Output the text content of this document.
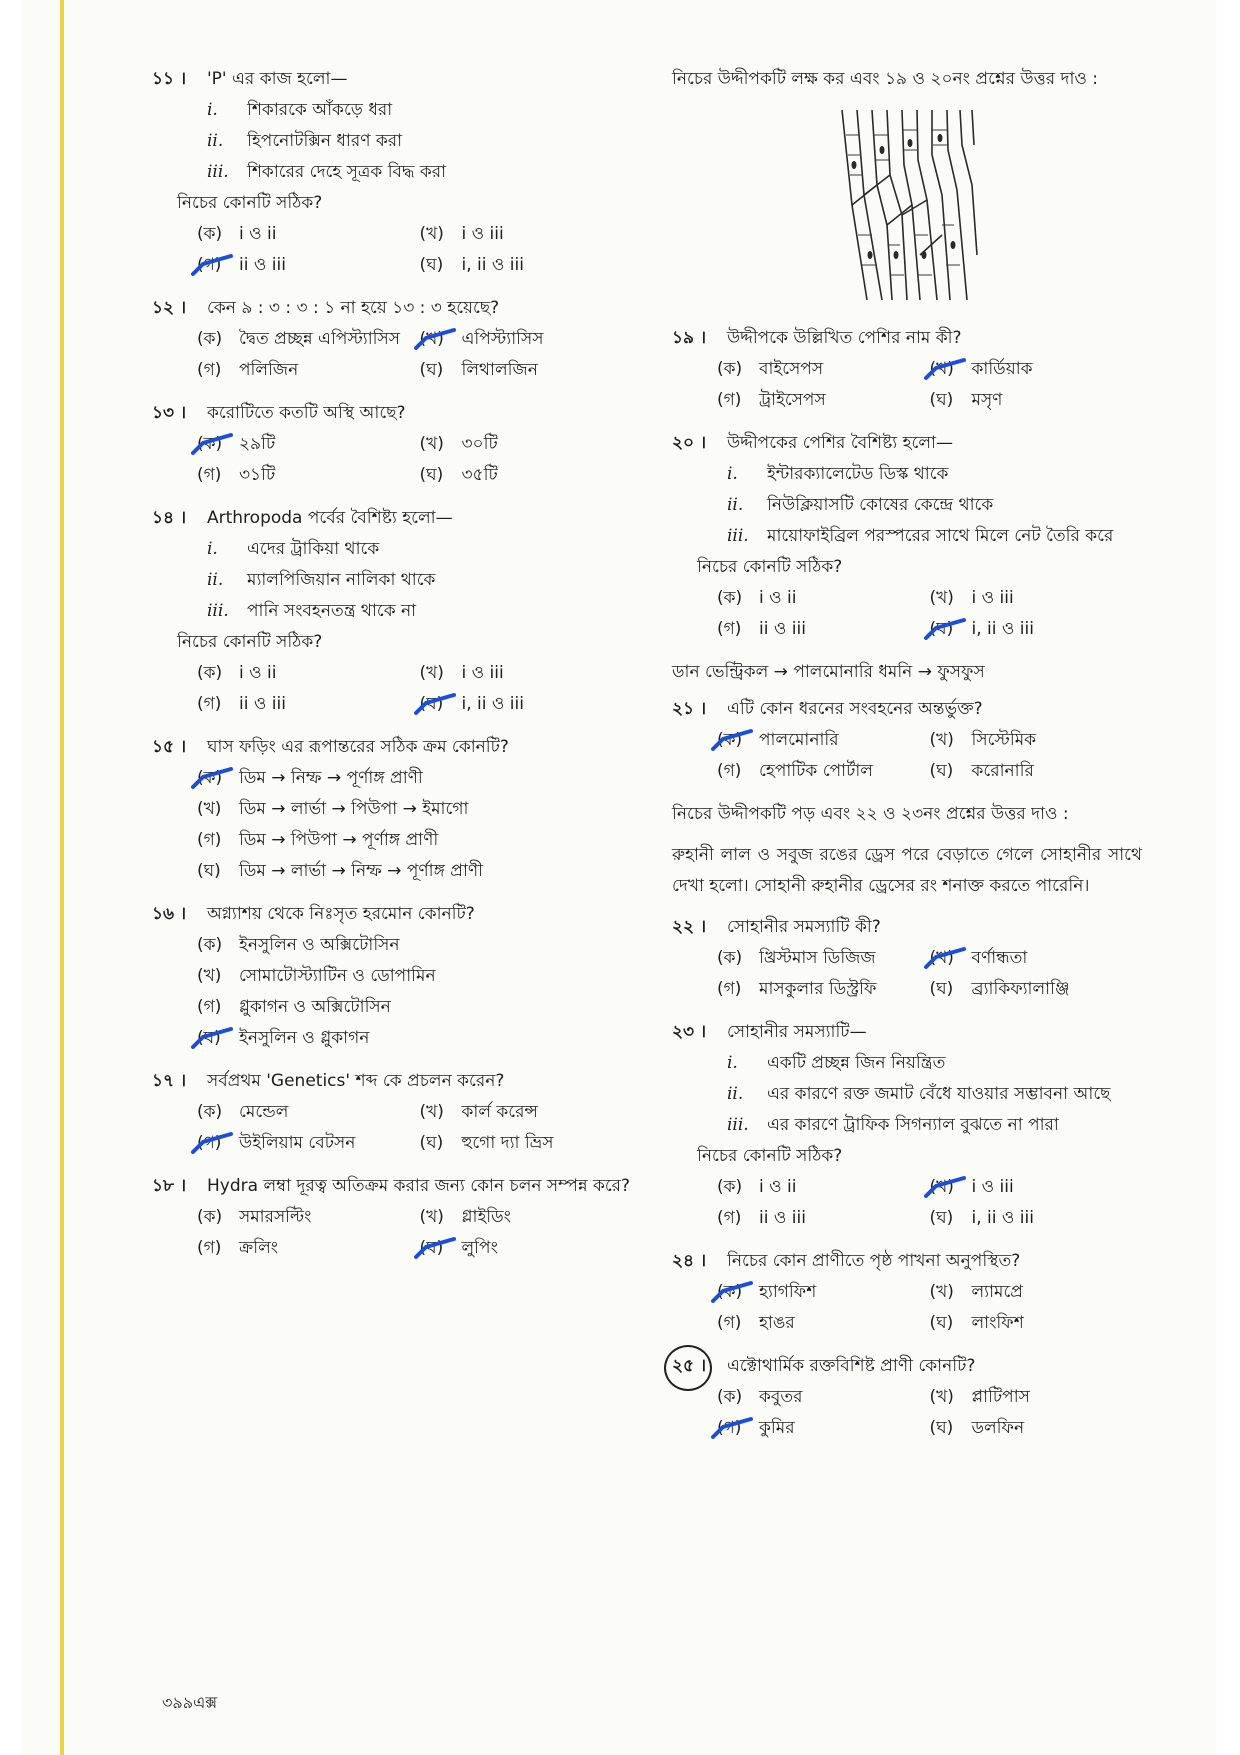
১১ ।	'P' এর কাজ হলো—
i.	শিকারকে আঁকড়ে ধরা
ii.	হিপনোটক্সিন ধারণ করা
iii.	শিকারের দেহে সূত্রক বিদ্ধ করা
নিচের কোনটি সঠিক?
(ক) i ও ii	(খ) i ও iii
(গ) ii ও iii	(ঘ) i, ii ও iii
১২ ।	কেন ৯ : ৩ : ৩ : ১ না হয়ে ১৩ : ৩ হয়েছে?
(ক) দ্বৈত প্রচ্ছন্ন এপিস্ট্যাসিস	(খ) এপিস্ট্যাসিস
(গ) পলিজিন	(ঘ) লিথালজিন
১৩ ।	করোটিতে কতটি অস্থি আছে?
(ক) ২৯টি	(খ) ৩০টি
(গ) ৩১টি	(ঘ) ৩৫টি
১৪ ।	Arthropoda পর্বের বৈশিষ্ট্য হলো—
i.	এদের ট্রাকিয়া থাকে
ii.	ম্যালপিজিয়ান নালিকা থাকে
iii.	পানি সংবহনতন্ত্র থাকে না
নিচের কোনটি সঠিক?
(ক) i ও ii	(খ) i ও iii
(গ) ii ও iii	(ঘ) i, ii ও iii
১৫ ।	ঘাস ফড়িং এর রূপান্তরের সঠিক ক্রম কোনটি?
(ক) ডিম → নিম্ফ → পূর্ণাঙ্গ প্রাণী
(খ) ডিম → লার্ভা → পিউপা → ইমাগো
(গ) ডিম → পিউপা → পূর্ণাঙ্গ প্রাণী
(ঘ) ডিম → লার্ভা → নিম্ফ → পূর্ণাঙ্গ প্রাণী
১৬ ।	অগ্ন্যাশয় থেকে নিঃসৃত হরমোন কোনটি?
(ক) ইনসুলিন ও অক্সিটোসিন
(খ) সোমাটোস্ট্যাটিন ও ডোপামিন
(গ) গ্লুকাগন ও অক্সিটোসিন
(ঘ) ইনসুলিন ও গ্লুকাগন
১৭ ।	সর্বপ্রথম 'Genetics' শব্দ কে প্রচলন করেন?
(ক) মেন্ডেল	(খ) কার্ল করেন্স
(গ) উইলিয়াম বেটসন	(ঘ) হুগো দ্যা ভ্রিস
১৮ ।	Hydra লম্বা দূরত্ব অতিক্রম করার জন্য কোন চলন সম্পন্ন করে?
(ক) সমারসল্টিং	(খ) গ্লাইডিং
(গ) ক্রলিং	(ঘ) লুপিং
নিচের উদ্দীপকটি লক্ষ কর এবং ১৯ ও ২০নং প্রশ্নের উত্তর দাও :
১৯ ।	উদ্দীপকে উল্লিখিত পেশির নাম কী?
(ক) বাইসেপস	(খ) কার্ডিয়াক
(গ) ট্রাইসেপস	(ঘ) মসৃণ
২০ ।	উদ্দীপকের পেশির বৈশিষ্ট্য হলো—
i.	ইন্টারক্যালেটেড ডিস্ক থাকে
ii.	নিউক্লিয়াসটি কোষের কেন্দ্রে থাকে
iii.	মায়োফাইব্রিল পরস্পরের সাথে মিলে নেট তৈরি করে
নিচের কোনটি সঠিক?
(ক) i ও ii	(খ) i ও iii
(গ) ii ও iii	(ঘ) i, ii ও iii
ডান ভেন্ট্রিকল → পালমোনারি ধমনি → ফুসফুস
২১ ।	এটি কোন ধরনের সংবহনের অন্তর্ভুক্ত?
(ক) পালমোনারি	(খ) সিস্টেমিক
(গ) হেপাটিক পোর্টাল	(ঘ) করোনারি
নিচের উদ্দীপকটি পড় এবং ২২ ও ২৩নং প্রশ্নের উত্তর দাও :
রুহানী লাল ও সবুজ রঙের ড্রেস পরে বেড়াতে গেলে সোহানীর সাথে দেখা হলো। সোহানী রুহানীর ড্রেসের রং শনাক্ত করতে পারেনি।
২২ ।	সোহানীর সমস্যাটি কী?
(ক) খ্রিস্টমাস ডিজিজ	(খ) বর্ণান্ধতা
(গ) মাসকুলার ডিস্ট্রফি	(ঘ) ব্র্যাকিফ্যালাঞ্জি
২৩ ।	সোহানীর সমস্যাটি—
i.	একটি প্রচ্ছন্ন জিন নিয়ন্ত্রিত
ii.	এর কারণে রক্ত জমাট বেঁধে যাওয়ার সম্ভাবনা আছে
iii.	এর কারণে ট্রাফিক সিগন্যাল বুঝতে না পারা
নিচের কোনটি সঠিক?
(ক) i ও ii	(খ) i ও iii
(গ) ii ও iii	(ঘ) i, ii ও iii
২৪ ।	নিচের কোন প্রাণীতে পৃষ্ঠ পাখনা অনুপস্থিত?
(ক) হ্যাগফিশ	(খ) ল্যামপ্রে
(গ) হাঙর	(ঘ) লাংফিশ
২৫ ।	এক্টোথার্মিক রক্তবিশিষ্ট প্রাণী কোনটি?
(ক) কবুতর	(খ) প্লাটিপাস
(গ) কুমির	(ঘ) ডলফিন
৩৯৯এক্স
